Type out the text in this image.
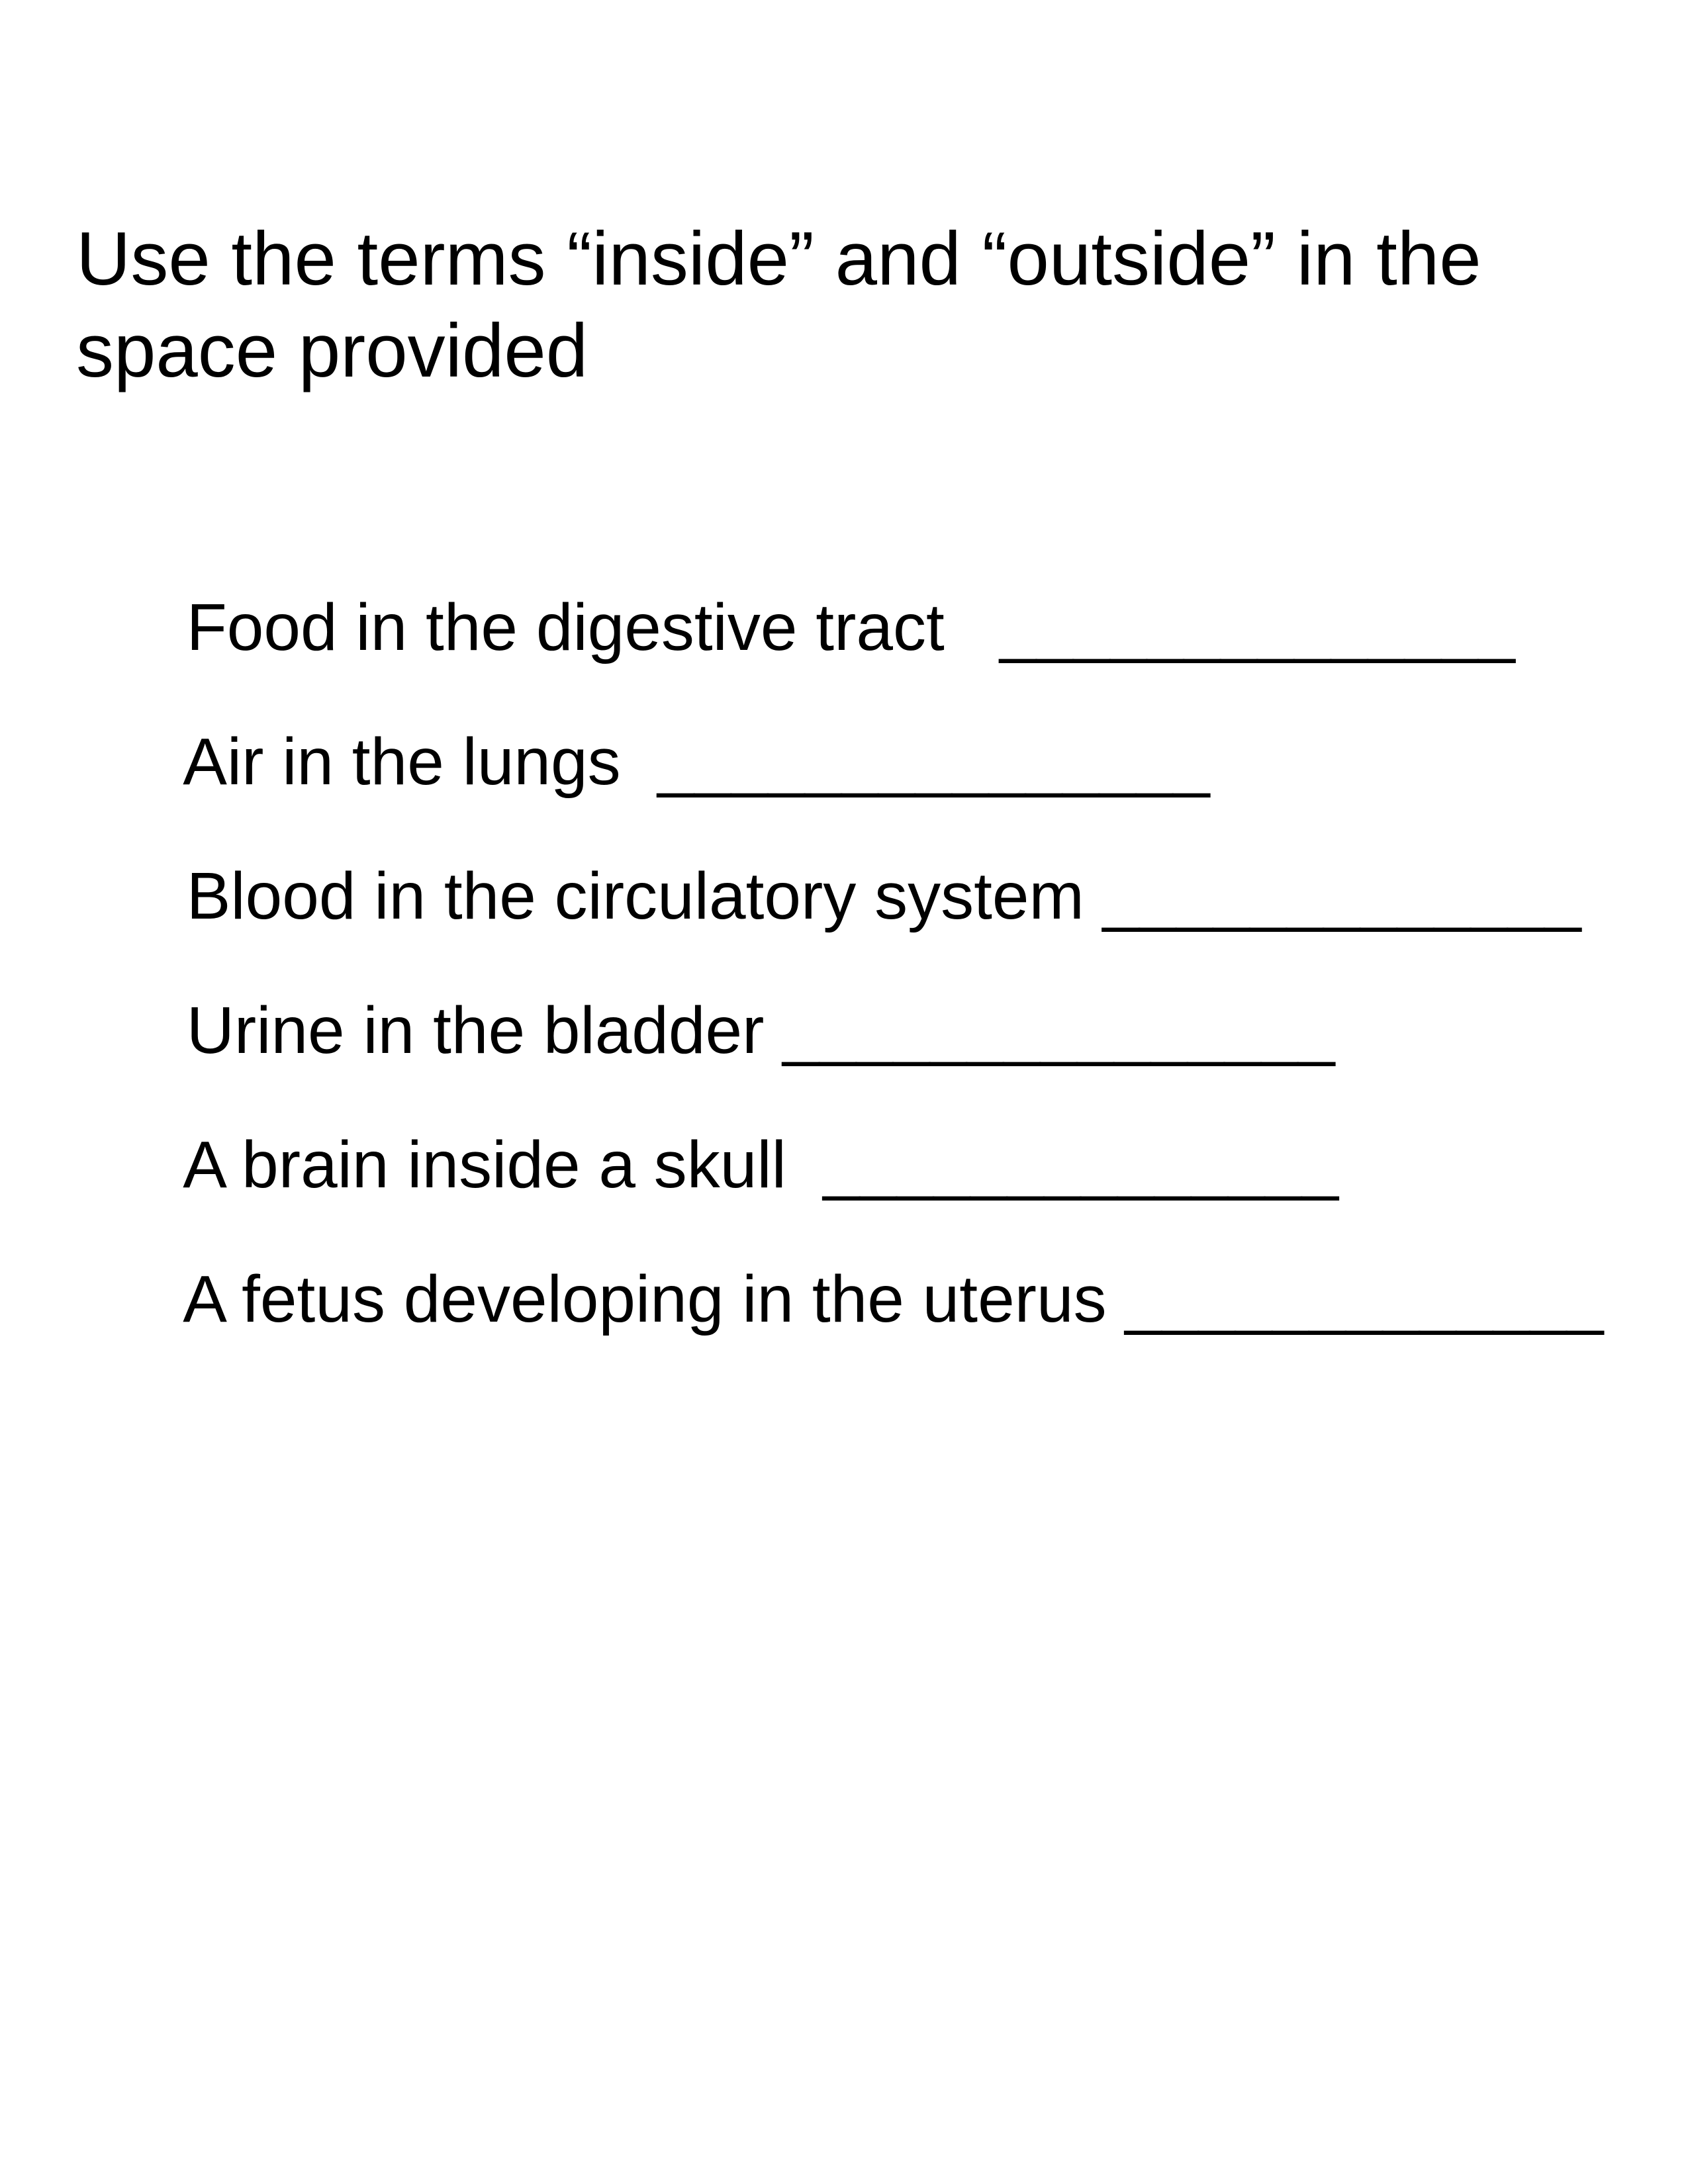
Use the terms “inside” and “outside” in the
space provided

Food in the digestive tract   ______________

Air in the lungs  _______________

Blood in the circulatory system _____________

Urine in the bladder _______________

A brain inside a skull  ______________

A fetus developing in the uterus _____________
